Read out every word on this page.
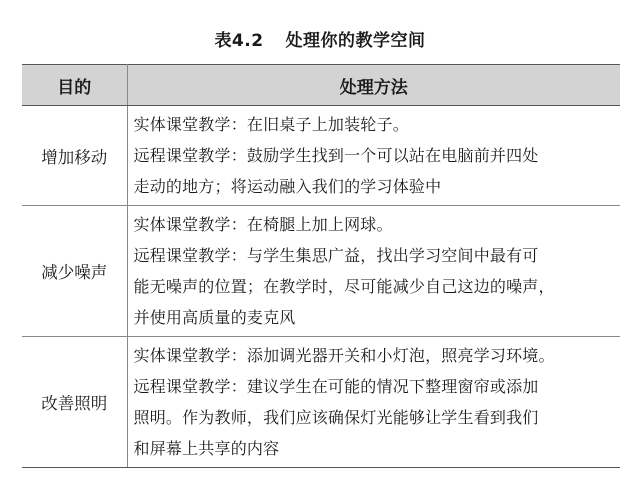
表4.2 处理你的教学空间
目的	处理方法
增加移动	实体课堂教学：在旧桌子上加装轮子。
远程课堂教学：鼓励学生找到一个可以站在电脑前并四处
走动的地方；将运动融入我们的学习体验中

减少噪声	实体课堂教学：在椅腿上加上网球。
远程课堂教学：与学生集思广益，找出学习空间中最有可
能无噪声的位置；在教学时，尽可能减少自己这边的噪声，
并使用高质量的麦克风

改善照明	实体课堂教学：添加调光器开关和小灯泡，照亮学习环境。
远程课堂教学：建议学生在可能的情况下整理窗帘或添加
照明。作为教师，我们应该确保灯光能够让学生看到我们
和屏幕上共享的内容
